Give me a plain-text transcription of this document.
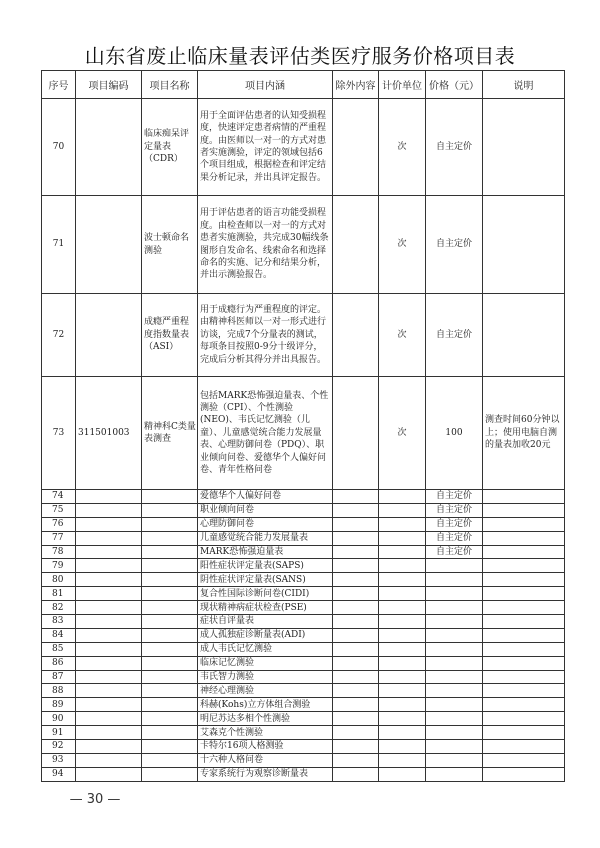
山东省废止临床量表评估类医疗服务价格项目表
序号	项目编码	项目名称	项目内涵	除外内容	计价单位	价格（元）	说明
70		临床痴呆评定量表（CDR）	用于全面评估患者的认知受损程度，快速评定患者病情的严重程度。由医师以一对一的方式对患者实施测验，评定的领域包括6个项目组成，根据检查和评定结果分析记录，并出具评定报告。		次	自主定价	
71		波士顿命名测验	用于评估患者的语言功能受损程度。由检查师以一对一的方式对患者实施测验，共完成30幅线条图形自发命名、线索命名和选择命名的实施、记分和结果分析，并出示测验报告。		次	自主定价	
72		成瘾严重程度指数量表（ASI）	用于成瘾行为严重程度的评定。由精神科医师以一对一形式进行访谈，完成7个分量表的测试，每项条目按照0-9分十级评分，完成后分析其得分并出具报告。		次	自主定价	
73	311501003	精神科C类量表测查	包括MARK恐怖强迫量表、个性测验（CPI）、个性测验(NEO)、韦氏记忆测验（儿童）、儿童感觉统合能力发展量表、心理防御问卷（PDQ）、职业倾向问卷、爱德华个人偏好问卷、青年性格问卷		次	100	测查时间60分钟以上；使用电脑自测的量表加收20元
74			爱德华个人偏好问卷			自主定价	
75			职业倾向问卷			自主定价	
76			心理防御问卷			自主定价	
77			儿童感觉统合能力发展量表			自主定价	
78			MARK恐怖强迫量表			自主定价	
79			阳性症状评定量表(SAPS)				
80			阴性症状评定量表(SANS)				
81			复合性国际诊断问卷(CIDI)				
82			现状精神病症状检查(PSE)				
83			症状自评量表				
84			成人孤独症诊断量表(ADI)				
85			成人韦氏记忆测验				
86			临床记忆测验				
87			韦氏智力测验				
88			神经心理测验				
89			科赫(Kohs)立方体组合测验				
90			明尼苏达多相个性测验				
91			艾森克个性测验				
92			卡特尔16项人格测验				
93			十六种人格问卷				
94			专家系统行为观察诊断量表				
— 30 —
